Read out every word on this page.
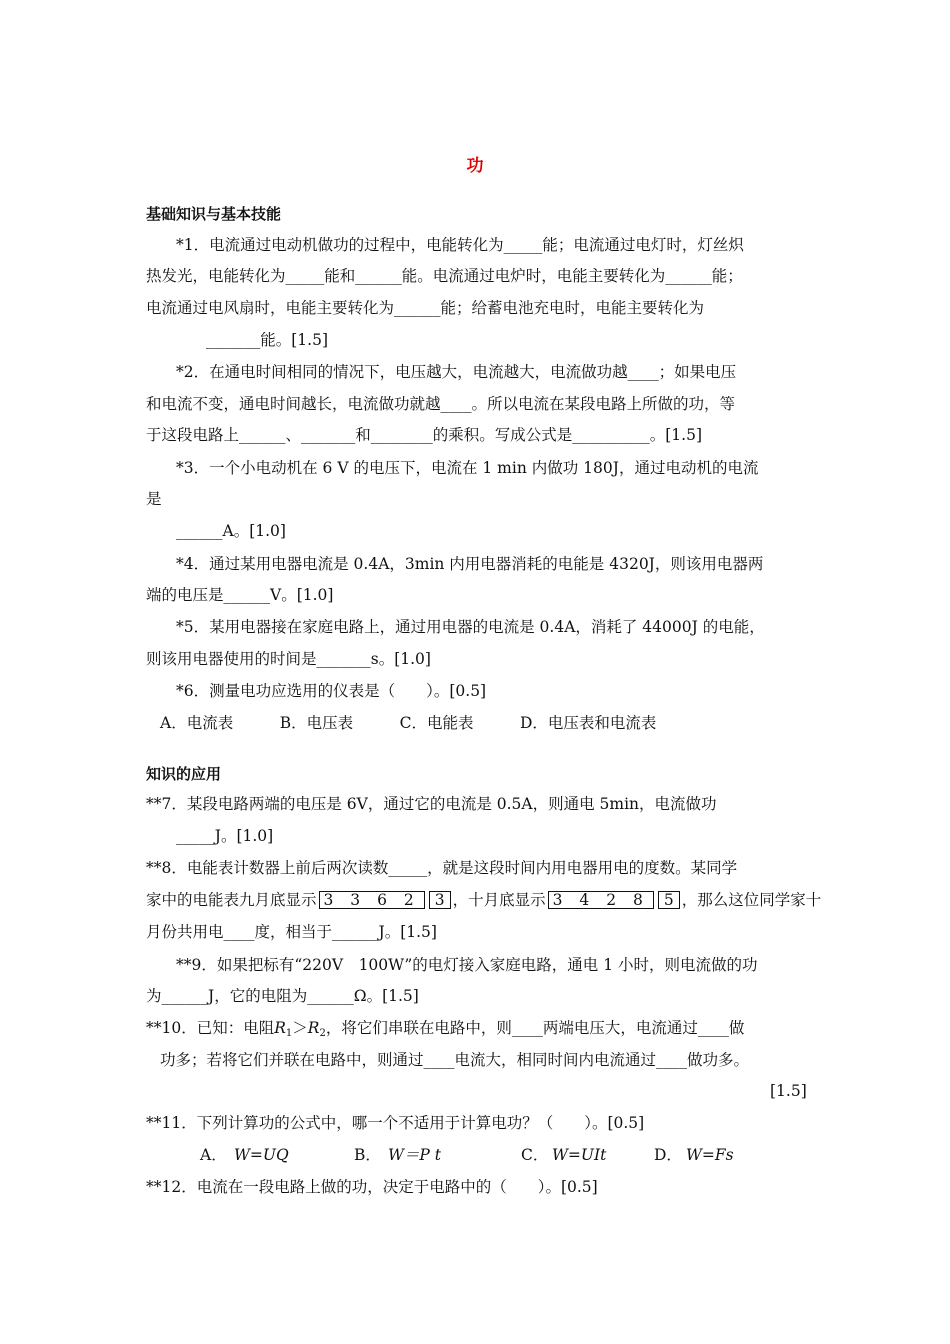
功
基础知识与基本技能
*1．电流通过电动机做功的过程中，电能转化为_____能；电流通过电灯时，灯丝炽
热发光，电能转化为_____能和______能。电流通过电炉时，电能主要转化为______能；
电流通过电风扇时，电能主要转化为______能；给蓄电池充电时，电能主要转化为
_______能。[1.5]
*2．在通电时间相同的情况下，电压越大，电流越大，电流做功越____；如果电压
和电流不变，通电时间越长，电流做功就越____。所以电流在某段电路上所做的功，等
于这段电路上______、_______和________的乘积。写成公式是__________。[1.5]
*3．一个小电动机在 6 V 的电压下，电流在 1 min 内做功 180J，通过电动机的电流
是
______A。[1.0]
*4．通过某用电器电流是 0.4A，3min 内用电器消耗的电能是 4320J，则该用电器两
端的电压是______V。[1.0]
*5．某用电器接在家庭电路上，通过用电器的电流是 0.4A，消耗了 44000J 的电能，
则该用电器使用的时间是_______s。[1.0]
*6．测量电功应选用的仪表是（　　）。[0.5]
A．电流表　　　B．电压表　　　C．电能表　　　D．电压表和电流表
知识的应用
**7．某段电路两端的电压是 6V，通过它的电流是 0.5A，则通电 5min，电流做功
_____J。[1.0]
**8．电能表计数器上前后两次读数_____，就是这段时间内用电器用电的度数。某同学
家中的电能表九月底显示 3 3 6 2 3 ，十月底显示 3 4 2 8 5 ，那么这位同学家十
月份共用电____度，相当于______J。[1.5]
**9．如果把标有“220V　100W”的电灯接入家庭电路，通电 1 小时，则电流做的功
为______J，它的电阻为______Ω。[1.5]
**10．已知：电阻$R_1>R_2$，将它们串联在电路中，则____两端电压大，电流通过____做
功多；若将它们并联在电路中，则通过____电流大，相同时间内电流通过____做功多。
[1.5]
**11．下列计算功的公式中，哪一个不适用于计算电功？（　　）。[0.5]
A． W=UQ	B． W＝P t	C． W=UIt	D． W=Fs
**12．电流在一段电路上做的功，决定于电路中的（　　）。[0.5]
